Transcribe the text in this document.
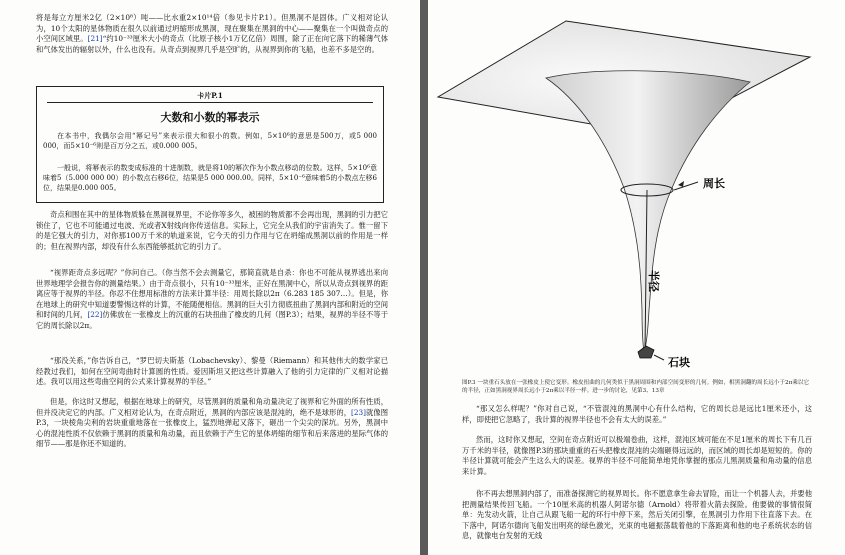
将是每立方厘米2亿（2×10⁸）吨——比水重2×10¹⁴倍（参见卡片P.1）。但黑洞不是固体。广义相对论认为，10个太阳的星体物质在很久以前通过坍缩形成黑洞，现在聚集在黑洞的中心——聚集在一个叫做奇点的小空间区域里。[21]“约10⁻³³厘米大小的奇点（比原子核小1万亿亿倍）周围，除了正在向它落下的稀薄气体和气体发出的辐射以外，什么也没有。从奇点到视界几乎是空旷的，从视界到你的飞船，也差不多是空的。

卡片P.1
大数和小数的幂表示

在本书中，我偶尔会用“幂记号”来表示很大和很小的数。例如，5×10⁶的意思是500万，或5 000 000，而5×10⁻⁶则是百万分之五，或0.000 005。

一般说，将幂表示的数变成标准的十进制数，就是将10的幂次作为小数点移动的位数。这样，5×10⁶意味着5（5.000 000 00）的小数点右移6位，结果是5 000 000.00。同样，5×10⁻⁶意味着5的小数点左移6位，结果是0.000 005。

奇点和围在其中的星体物质躲在黑洞视界里，不论你等多久，被困的物质都不会再出现，黑洞的引力把它锁住了，它也不可能通过电波、光或者X射线向你传送信息。实际上，它完全从我们的宇宙消失了。惟一留下的是它强大的引力，对你那100万千米的轨道来说，它今天的引力作用与它在坍缩成黑洞以前的作用是一样的；但在视界内部，却没有什么东西能够抵抗它的引力了。

“视界距奇点多远呢？”你问自己。（你当然不会去测量它，那简直就是自杀：你也不可能从视界逃出来向世界地理学会报告你的测量结果。）由于奇点很小，只有10⁻³³厘米，正好在黑洞中心，所以从奇点到视界的距离应等于视界的半径。你忍不住想用标准的方法来计算半径：用周长除以2π（6.283 185 307…）。但是，你在地球上的研究中知道要警惕这样的计算，不能随便相信。黑洞的巨大引力彻底扭曲了黑洞内部和附近的空间和时间的几何，[22]仿佛放在一张橡皮上的沉重的石块扭曲了橡皮的几何（图P.3）；结果，视界的半径不等于它的周长除以2π。

“那没关系，”你告诉自己，“罗巴切夫斯基（Lobachevsky）、黎曼（Riemann）和其他伟大的数学家已经教过我们，如何在空间弯曲时计算圆的性质。爱因斯坦又把这些计算融入了他的引力定律的广义相对论描述。我可以用这些弯曲空间的公式来计算视界的半径。”

但是，你这时又想起，根据在地球上的研究，尽管黑洞的质量和角动量决定了视界和它外面的所有性质，但并没决定它的内部。广义相对论认为，在奇点附近，黑洞的内部应该是混沌的，绝不是球形的，[23]就像图P.3，一块棱角尖利的岩块重重地落在一张橡皮上，猛烈地弹起又落下，砸出一个尖尖的深坑。另外，黑洞中心的混沌性质不仅依赖于黑洞的质量和角动量，而且依赖于产生它的星体坍缩的细节和后来落进的星际气体的细节——那是你还不知道的。

周长
半径
石块

图P.3 一块重石头放在一张橡皮上使它变形。橡皮扭曲的几何类似于黑洞周围和内部空间变形的几何。例如，相黑洞翻的周长远小于2π乘以它的半径，正如黑洞视界周长远小于2π乘以半径一样。进一步的讨论，见第3、13章

“那又怎么样呢？”你对自己说，“不管混沌的黑洞中心有什么结构，它的周长总是远比1厘米还小，这样，即使把它忽略了，我计算的视界半径也不会有太大的误差。”

然而，这时你又想起，空间在奇点附近可以极端卷曲，这样，混沌区域可能在不足1厘米的周长下有几百万千米的半径，就像图P.3的那块重重的石头把橡皮混沌的尖端砸得远远的，而区域的周长却是短短的。你的半径计算就可能会产生这么大的误差。视界的半径不可能简单地凭你掌握的那点儿黑洞质量和角动量的信息来计算。

你不再去想黑洞内部了，而准备探测它的视界周长。你不愿意拿生命去冒险，而让一个机器人去，并要他把测量结果传回飞船。一个10厘米高的机器人阿诺尔德（Arnold）将带着火箭去探险。他要做的事情很简单：先发动火箭，让自己从跟飞船一起的环行中停下来，然后关闭引擎，在黑洞引力作用下往直落下去。在下落中，阿诺尔德向飞船发出明亮的绿色激光，光束的电磁振荡载着他的下落距离和他的电子系统状态的信息，就像电台发射的无线
